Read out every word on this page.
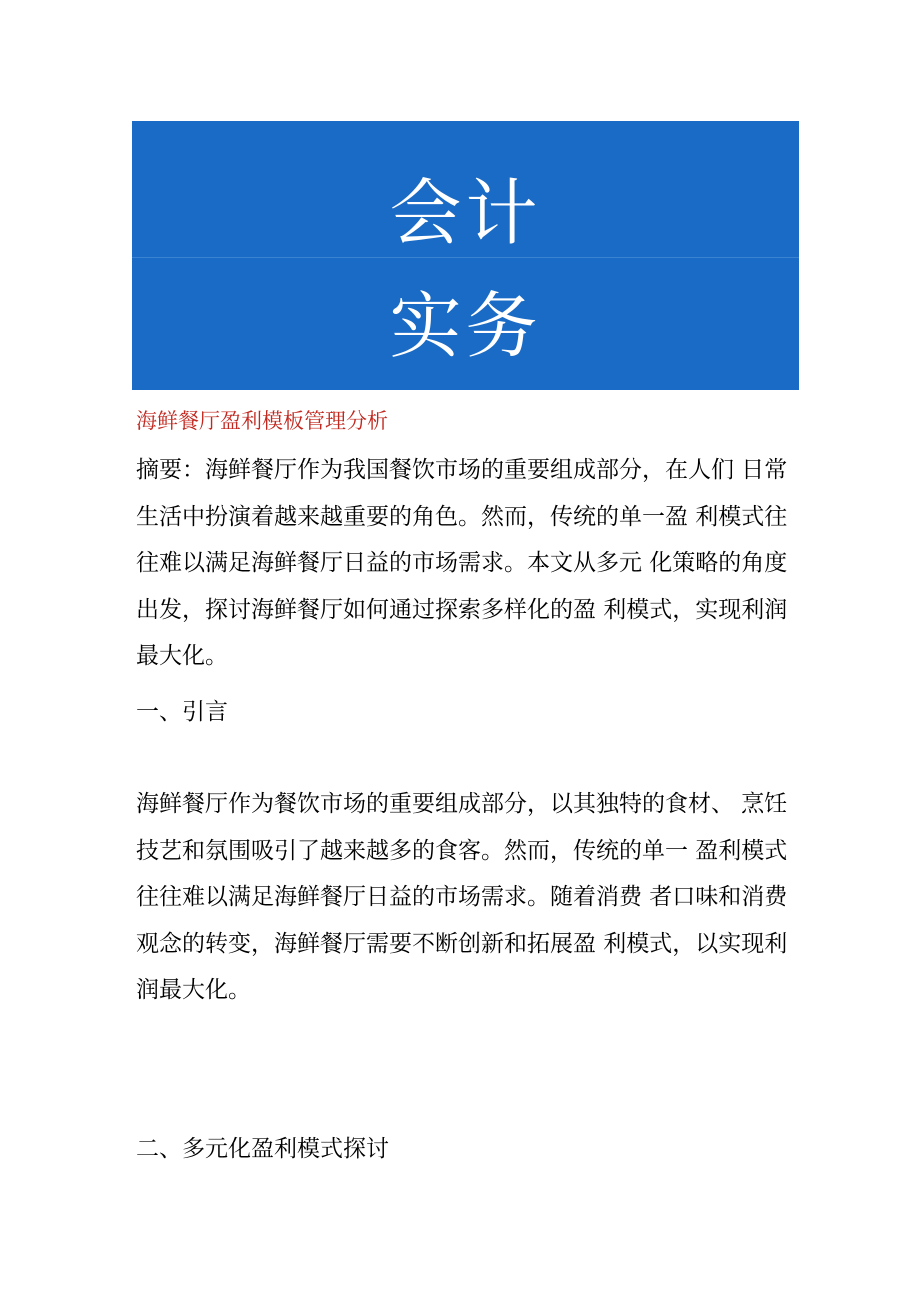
会计
实务
海鲜餐厅盈利模板管理分析
摘要：海鲜餐厅作为我国餐饮市场的重要组成部分，在人们 日常
生活中扮演着越来越重要的角色。然而，传统的单一盈 利模式往
往难以满足海鲜餐厅日益的市场需求。本文从多元 化策略的角度
出发，探讨海鲜餐厅如何通过探索多样化的盈 利模式，实现利润
最大化。
一、引言
海鲜餐厅作为餐饮市场的重要组成部分，以其独特的食材、 烹饪
技艺和氛围吸引了越来越多的食客。然而，传统的单一 盈利模式
往往难以满足海鲜餐厅日益的市场需求。随着消费 者口味和消费
观念的转变，海鲜餐厅需要不断创新和拓展盈 利模式，以实现利
润最大化。
二、多元化盈利模式探讨
